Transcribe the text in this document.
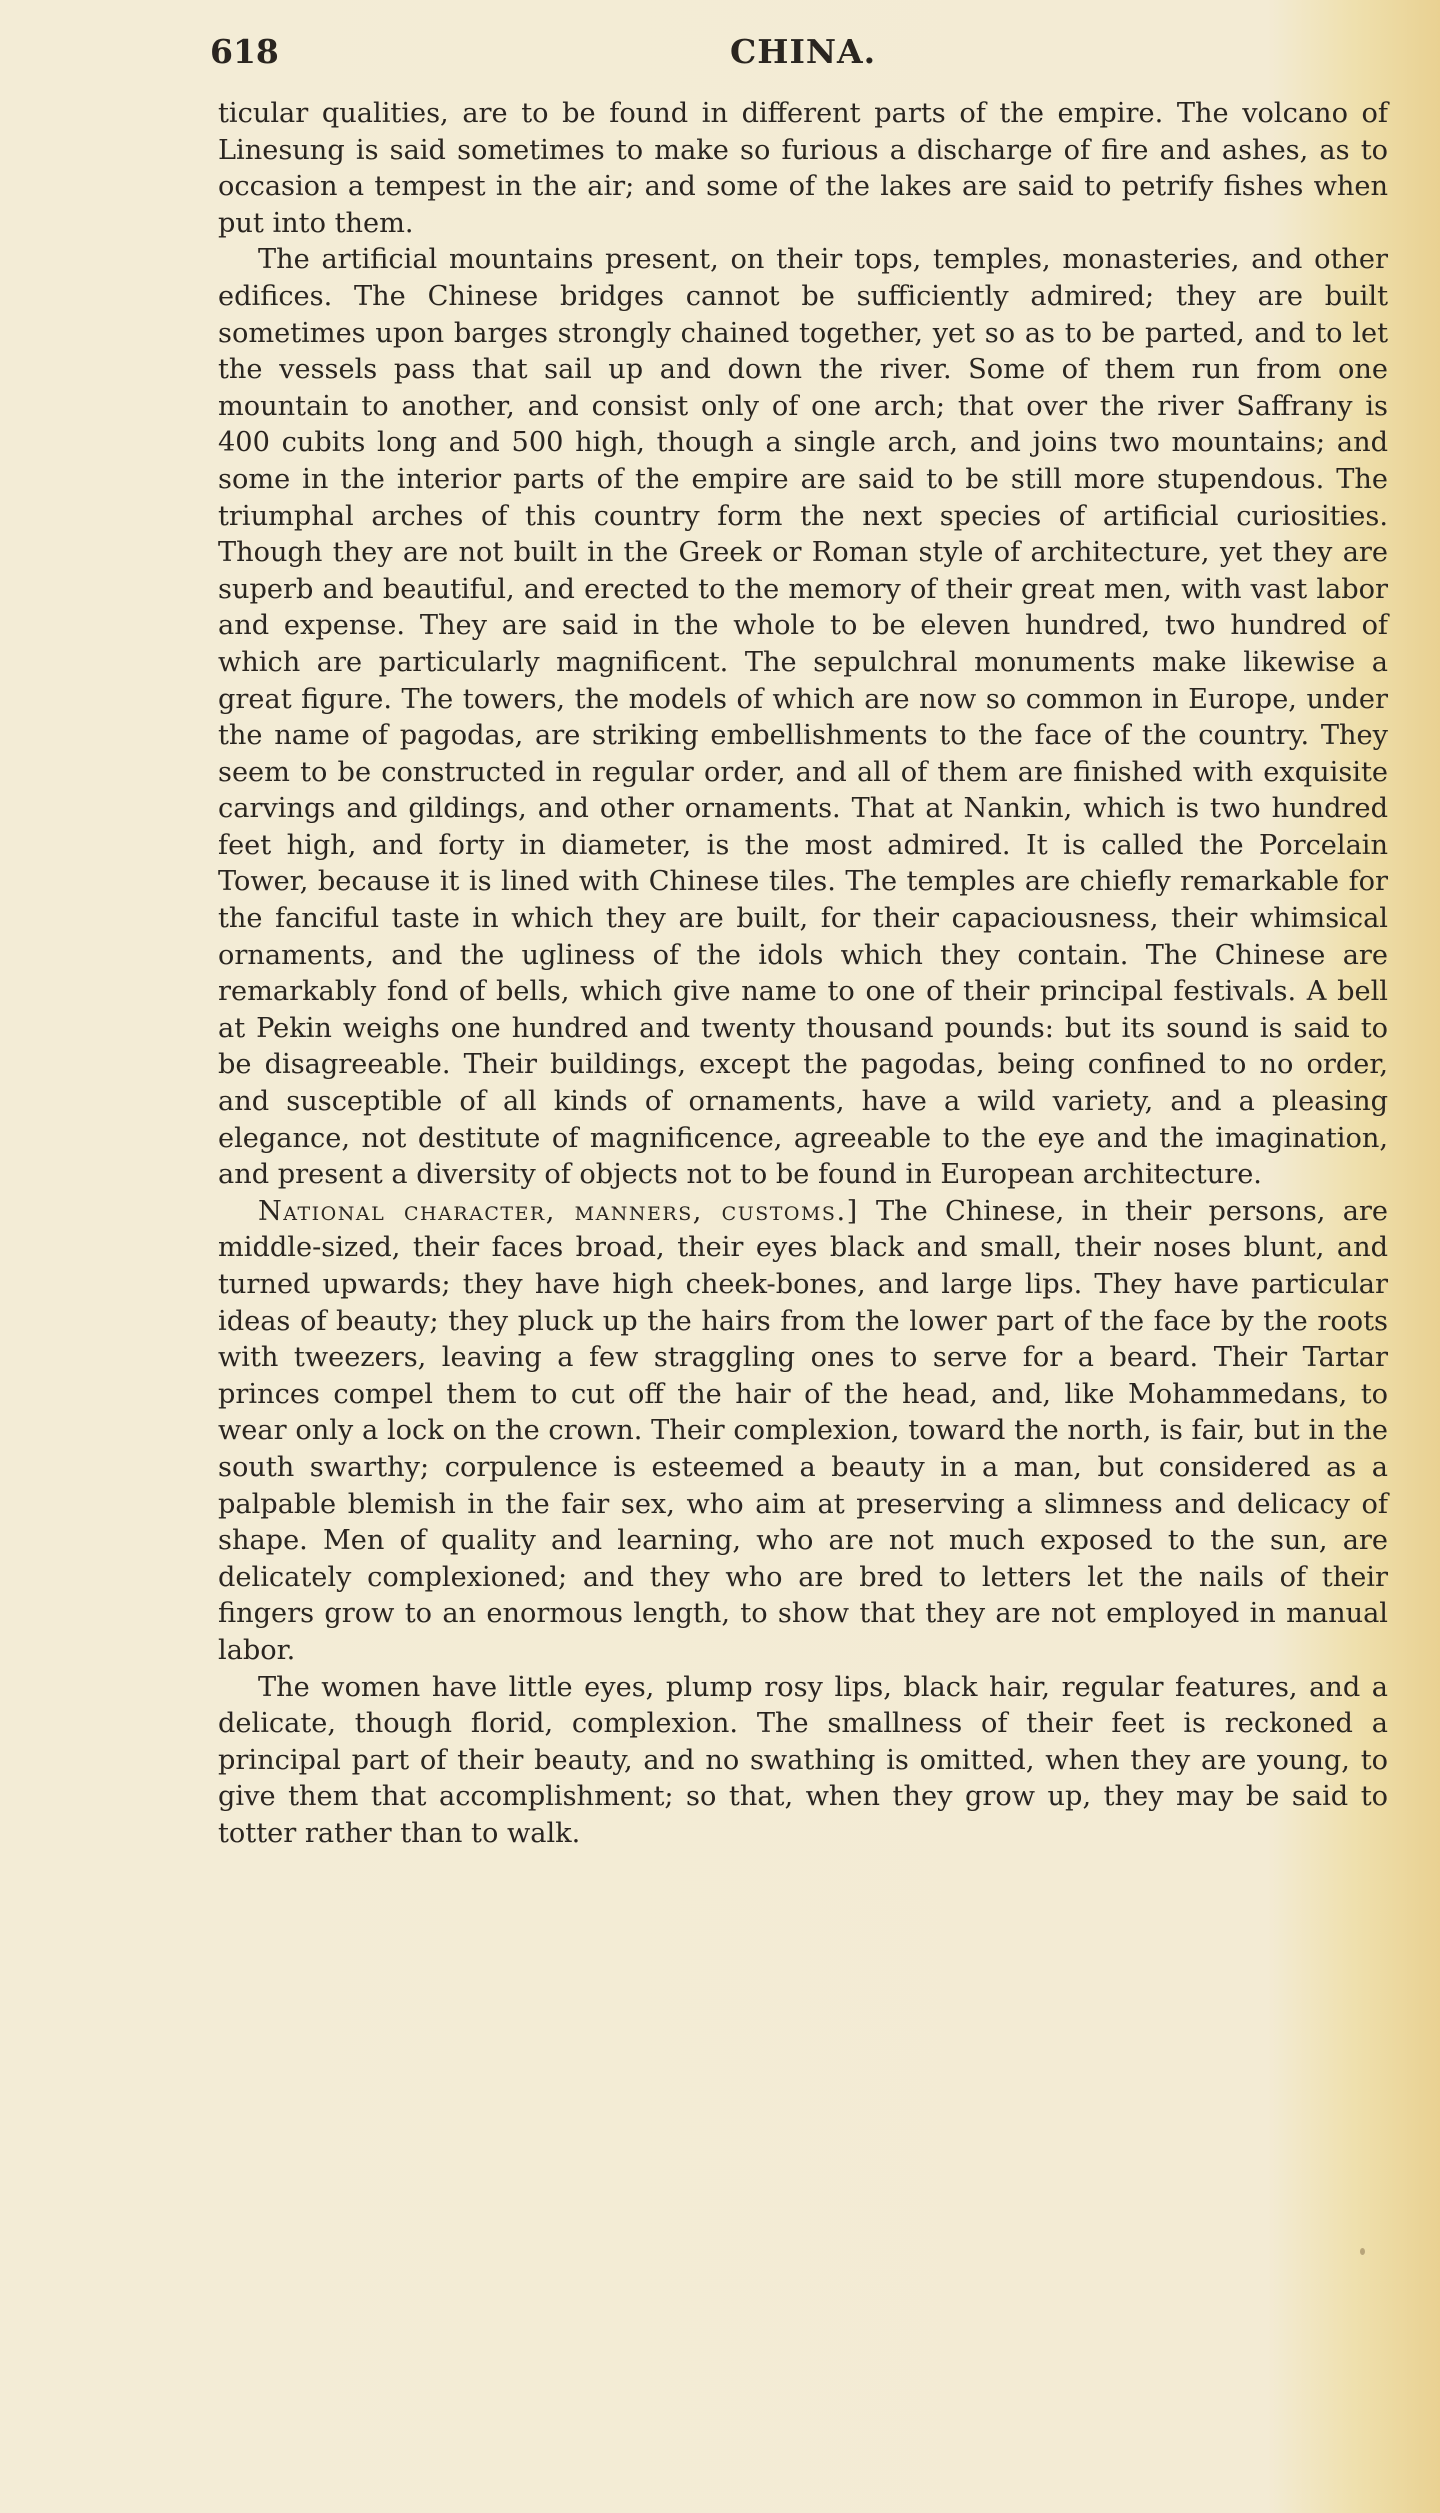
618	CHINA.

ticular qualities, are to be found in different parts of the empire. The volcano of Linesung is said sometimes to make so furious a discharge of fire and ashes, as to occasion a tempest in the air; and some of the lakes are said to petrify fishes when put into them.

The artificial mountains present, on their tops, temples, monasteries, and other edifices. The Chinese bridges cannot be sufficiently admired; they are built sometimes upon barges strongly chained together, yet so as to be parted, and to let the vessels pass that sail up and down the river. Some of them run from one mountain to another, and consist only of one arch; that over the river Saffrany is 400 cubits long and 500 high, though a single arch, and joins two mountains; and some in the interior parts of the empire are said to be still more stupendous. The triumphal arches of this country form the next species of artificial curiosities. Though they are not built in the Greek or Roman style of architecture, yet they are superb and beautiful, and erected to the memory of their great men, with vast labor and expense. They are said in the whole to be eleven hundred, two hundred of which are particularly magnificent. The sepulchral monuments make likewise a great figure. The towers, the models of which are now so common in Europe, under the name of pagodas, are striking embellishments to the face of the country. They seem to be constructed in regular order, and all of them are finished with exquisite carvings and gildings, and other ornaments. That at Nankin, which is two hundred feet high, and forty in diameter, is the most admired. It is called the Porcelain Tower, because it is lined with Chinese tiles. The temples are chiefly remarkable for the fanciful taste in which they are built, for their capaciousness, their whimsical ornaments, and the ugliness of the idols which they contain. The Chinese are remarkably fond of bells, which give name to one of their principal festivals. A bell at Pekin weighs one hundred and twenty thousand pounds: but its sound is said to be disagreeable. Their buildings, except the pagodas, being confined to no order, and susceptible of all kinds of ornaments, have a wild variety, and a pleasing elegance, not destitute of magnificence, agreeable to the eye and the imagination, and present a diversity of objects not to be found in European architecture.

National character, manners, customs.] The Chinese, in their persons, are middle-sized, their faces broad, their eyes black and small, their noses blunt, and turned upwards; they have high cheek-bones, and large lips. They have particular ideas of beauty; they pluck up the hairs from the lower part of the face by the roots with tweezers, leaving a few straggling ones to serve for a beard. Their Tartar princes compel them to cut off the hair of the head, and, like Mohammedans, to wear only a lock on the crown. Their complexion, toward the north, is fair, but in the south swarthy; corpulence is esteemed a beauty in a man, but considered as a palpable blemish in the fair sex, who aim at preserving a slimness and delicacy of shape. Men of quality and learning, who are not much exposed to the sun, are delicately complexioned; and they who are bred to letters let the nails of their fingers grow to an enormous length, to show that they are not employed in manual labor.

The women have little eyes, plump rosy lips, black hair, regular features, and a delicate, though florid, complexion. The smallness of their feet is reckoned a principal part of their beauty, and no swathing is omitted, when they are young, to give them that accomplishment; so that, when they grow up, they may be said to totter rather than to walk.
